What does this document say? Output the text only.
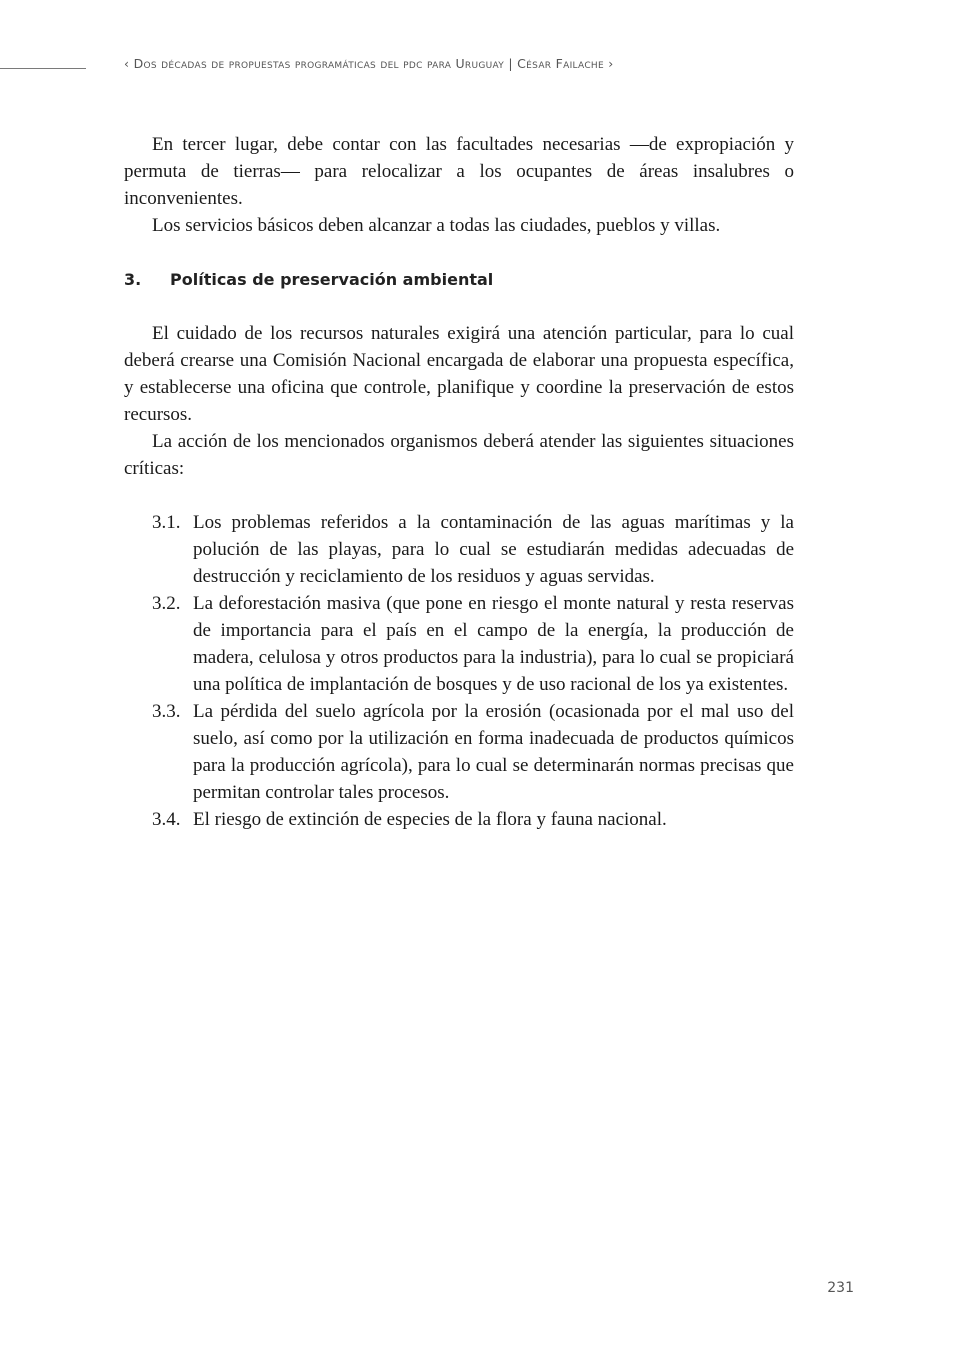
‹ Dos décadas de propuestas programáticas del pdc para Uruguay | César Failache ›

En tercer lugar, debe contar con las facultades necesarias —de expropiación y permuta de tierras— para relocalizar a los ocupantes de áreas insalubres o inconvenientes.

Los servicios básicos deben alcanzar a todas las ciudades, pueblos y villas.

3.	Políticas de preservación ambiental

El cuidado de los recursos naturales exigirá una atención particular, para lo cual deberá crearse una Comisión Nacional encargada de elaborar una propuesta específica, y establecerse una oficina que controle, planifique y coordine la preservación de estos recursos.

La acción de los mencionados organismos deberá atender las siguientes situaciones críticas:

3.1. Los problemas referidos a la contaminación de las aguas marítimas y la polución de las playas, para lo cual se estudiarán medidas adecuadas de destrucción y reciclamiento de los residuos y aguas servidas.
3.2. La deforestación masiva (que pone en riesgo el monte natural y resta reservas de importancia para el país en el campo de la energía, la producción de madera, celulosa y otros productos para la industria), para lo cual se propiciará una política de implantación de bosques y de uso racional de los ya existentes.
3.3. La pérdida del suelo agrícola por la erosión (ocasionada por el mal uso del suelo, así como por la utilización en forma inadecuada de productos químicos para la producción agrícola), para lo cual se determinarán normas precisas que permitan controlar tales procesos.
3.4. El riesgo de extinción de especies de la flora y fauna nacional.
231
